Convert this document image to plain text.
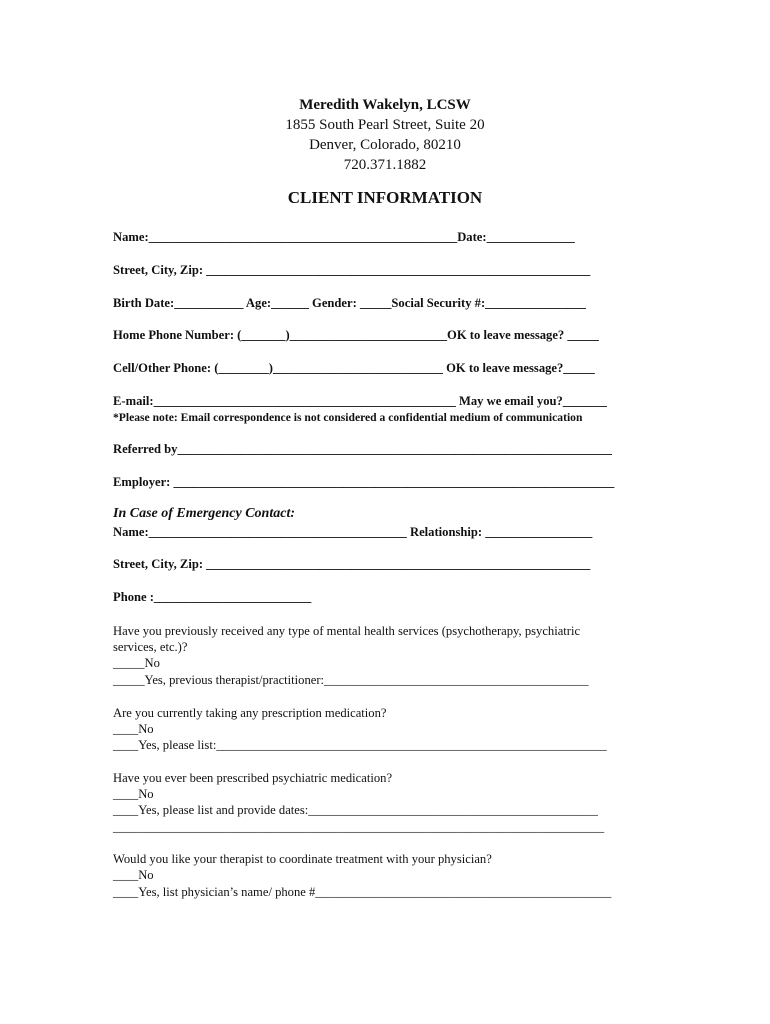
Meredith Wakelyn, LCSW
1855 South Pearl Street, Suite 20
Denver, Colorado, 80210
720.371.1882
CLIENT INFORMATION
Name:_________________________________________________Date:______________
Street, City, Zip: _____________________________________________________________
Birth Date:___________ Age:______ Gender: _____Social Security #:________________
Home Phone Number: (_______)_________________________OK to leave message? _____
Cell/Other Phone: (________)___________________________ OK to leave message?_____
E-mail:________________________________________________ May we email you?_______
*Please note: Email correspondence is not considered a confidential medium of communication
Referred by_____________________________________________________________________
Employer: ______________________________________________________________________
In Case of Emergency Contact:
Name:_________________________________________ Relationship: _________________
Street, City, Zip: _____________________________________________________________
Phone :_________________________
Have you previously received any type of mental health services (psychotherapy, psychiatric
services, etc.)?
_____No
_____Yes, previous therapist/practitioner:__________________________________________
Are you currently taking any prescription medication?
____No
____Yes, please list:______________________________________________________________
Have you ever been prescribed psychiatric medication?
____No
____Yes, please list and provide dates:______________________________________________
______________________________________________________________________________
Would you like your therapist to coordinate treatment with your physician?
____No
____Yes, list physician’s name/ phone #_______________________________________________
